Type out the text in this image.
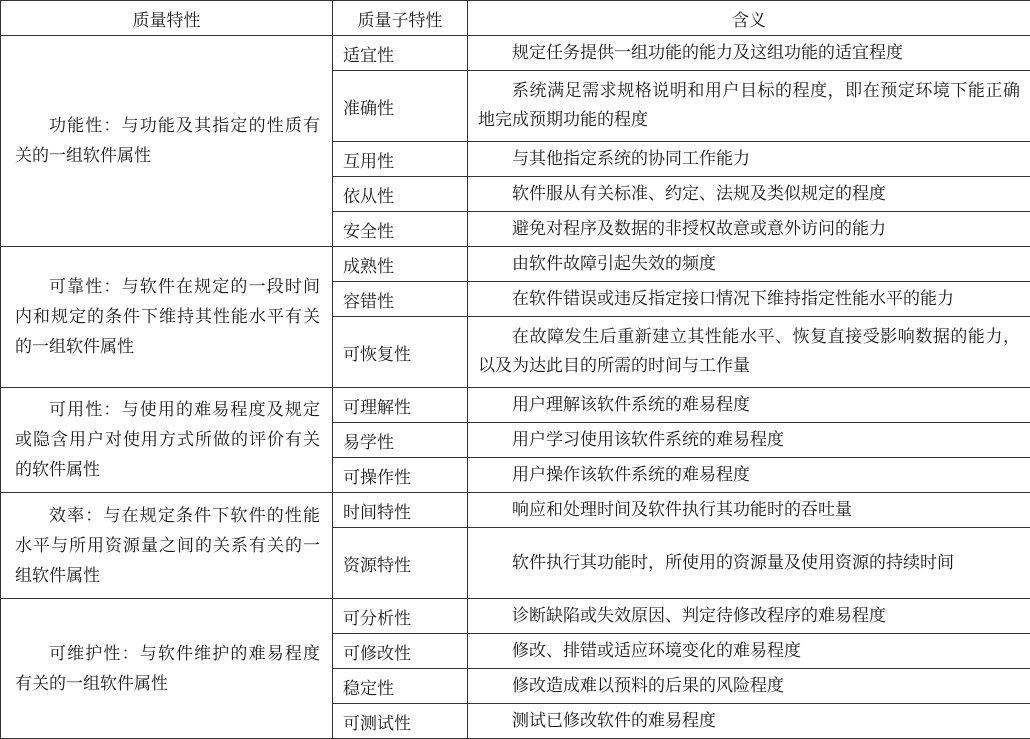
质量特性	质量子特性	含义
功能性：与功能及其指定的性质有关的一组软件属性	适宜性	规定任务提供一组功能的能力及这组功能的适宜程度
	准确性	系统满足需求规格说明和用户目标的程度，即在预定环境下能正确地完成预期功能的程度
	互用性	与其他指定系统的协同工作能力
	依从性	软件服从有关标准、约定、法规及类似规定的程度
	安全性	避免对程序及数据的非授权故意或意外访问的能力
可靠性：与软件在规定的一段时间内和规定的条件下维持其性能水平有关的一组软件属性	成熟性	由软件故障引起失效的频度
	容错性	在软件错误或违反指定接口情况下维持指定性能水平的能力
	可恢复性	在故障发生后重新建立其性能水平、恢复直接受影响数据的能力，以及为达此目的所需的时间与工作量
可用性：与使用的难易程度及规定或隐含用户对使用方式所做的评价有关的软件属性	可理解性	用户理解该软件系统的难易程度
	易学性	用户学习使用该软件系统的难易程度
	可操作性	用户操作该软件系统的难易程度
效率：与在规定条件下软件的性能水平与所用资源量之间的关系有关的一组软件属性	时间特性	响应和处理时间及软件执行其功能时的吞吐量
	资源特性	软件执行其功能时，所使用的资源量及使用资源的持续时间
可维护性：与软件维护的难易程度有关的一组软件属性	可分析性	诊断缺陷或失效原因、判定待修改程序的难易程度
	可修改性	修改、排错或适应环境变化的难易程度
	稳定性	修改造成难以预料的后果的风险程度
	可测试性	测试已修改软件的难易程度
